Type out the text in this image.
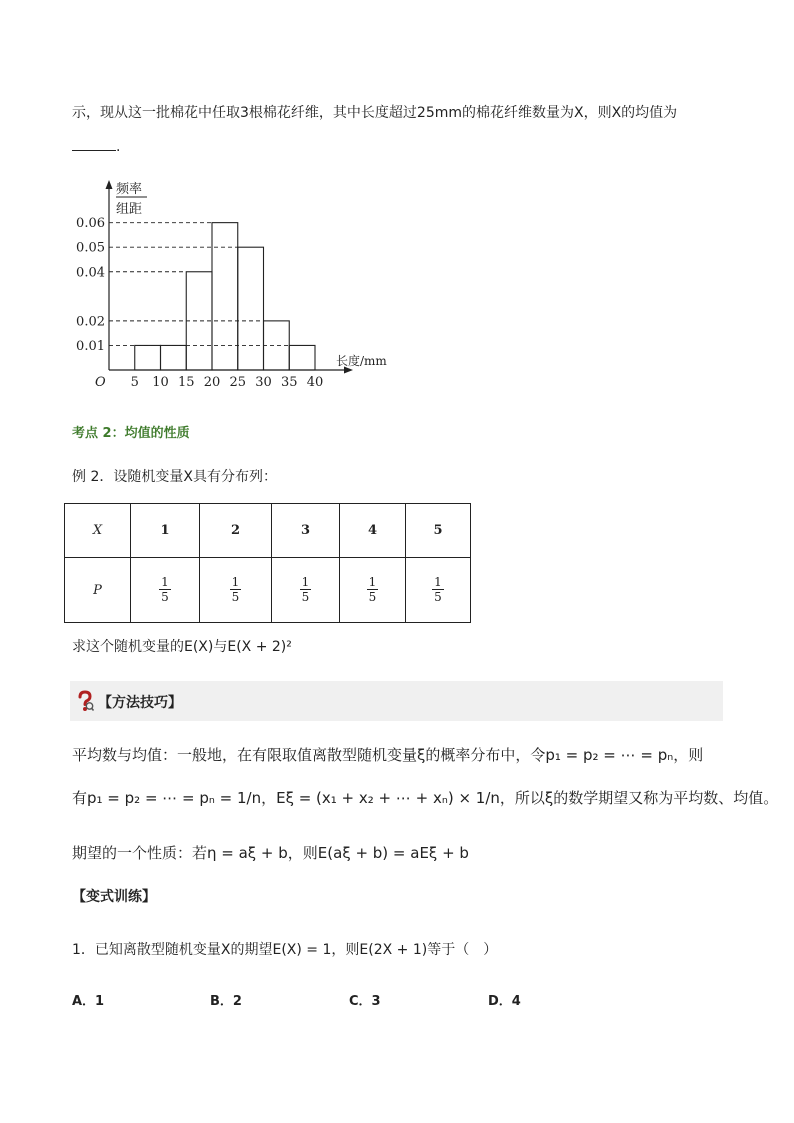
示，现从这一批棉花中任取3根棉花纤维，其中长度超过25mm的棉花纤维数量为X，则X的均值为
.
频率
组距
长度/mm
O
0.06
0.05
0.04
0.02
0.01
5 10 15 20 25 30 35 40
考点 2：均值的性质
例 2．设随机变量X具有分布列：
X	1	2	3	4	5
P	$\frac{1}{5}$	$\frac{1}{5}$	$\frac{1}{5}$	$\frac{1}{5}$	$\frac{1}{5}$
求这个随机变量的E(X)与E(X + 2)²
【方法技巧】
平均数与均值：一般地，在有限取值离散型随机变量ξ的概率分布中，令p₁ = p₂ = ⋯ = pₙ，则
有p₁ = p₂ = ⋯ = pₙ = 1/n，Eξ = (x₁ + x₂ + ⋯ + xₙ) × 1/n，所以ξ的数学期望又称为平均数、均值。
期望的一个性质：若η = aξ + b，则E(aξ + b) = aEξ + b
【变式训练】
1．已知离散型随机变量X的期望E(X) = 1，则E(2X + 1)等于（　）
A．1	B．2	C．3	D．4
